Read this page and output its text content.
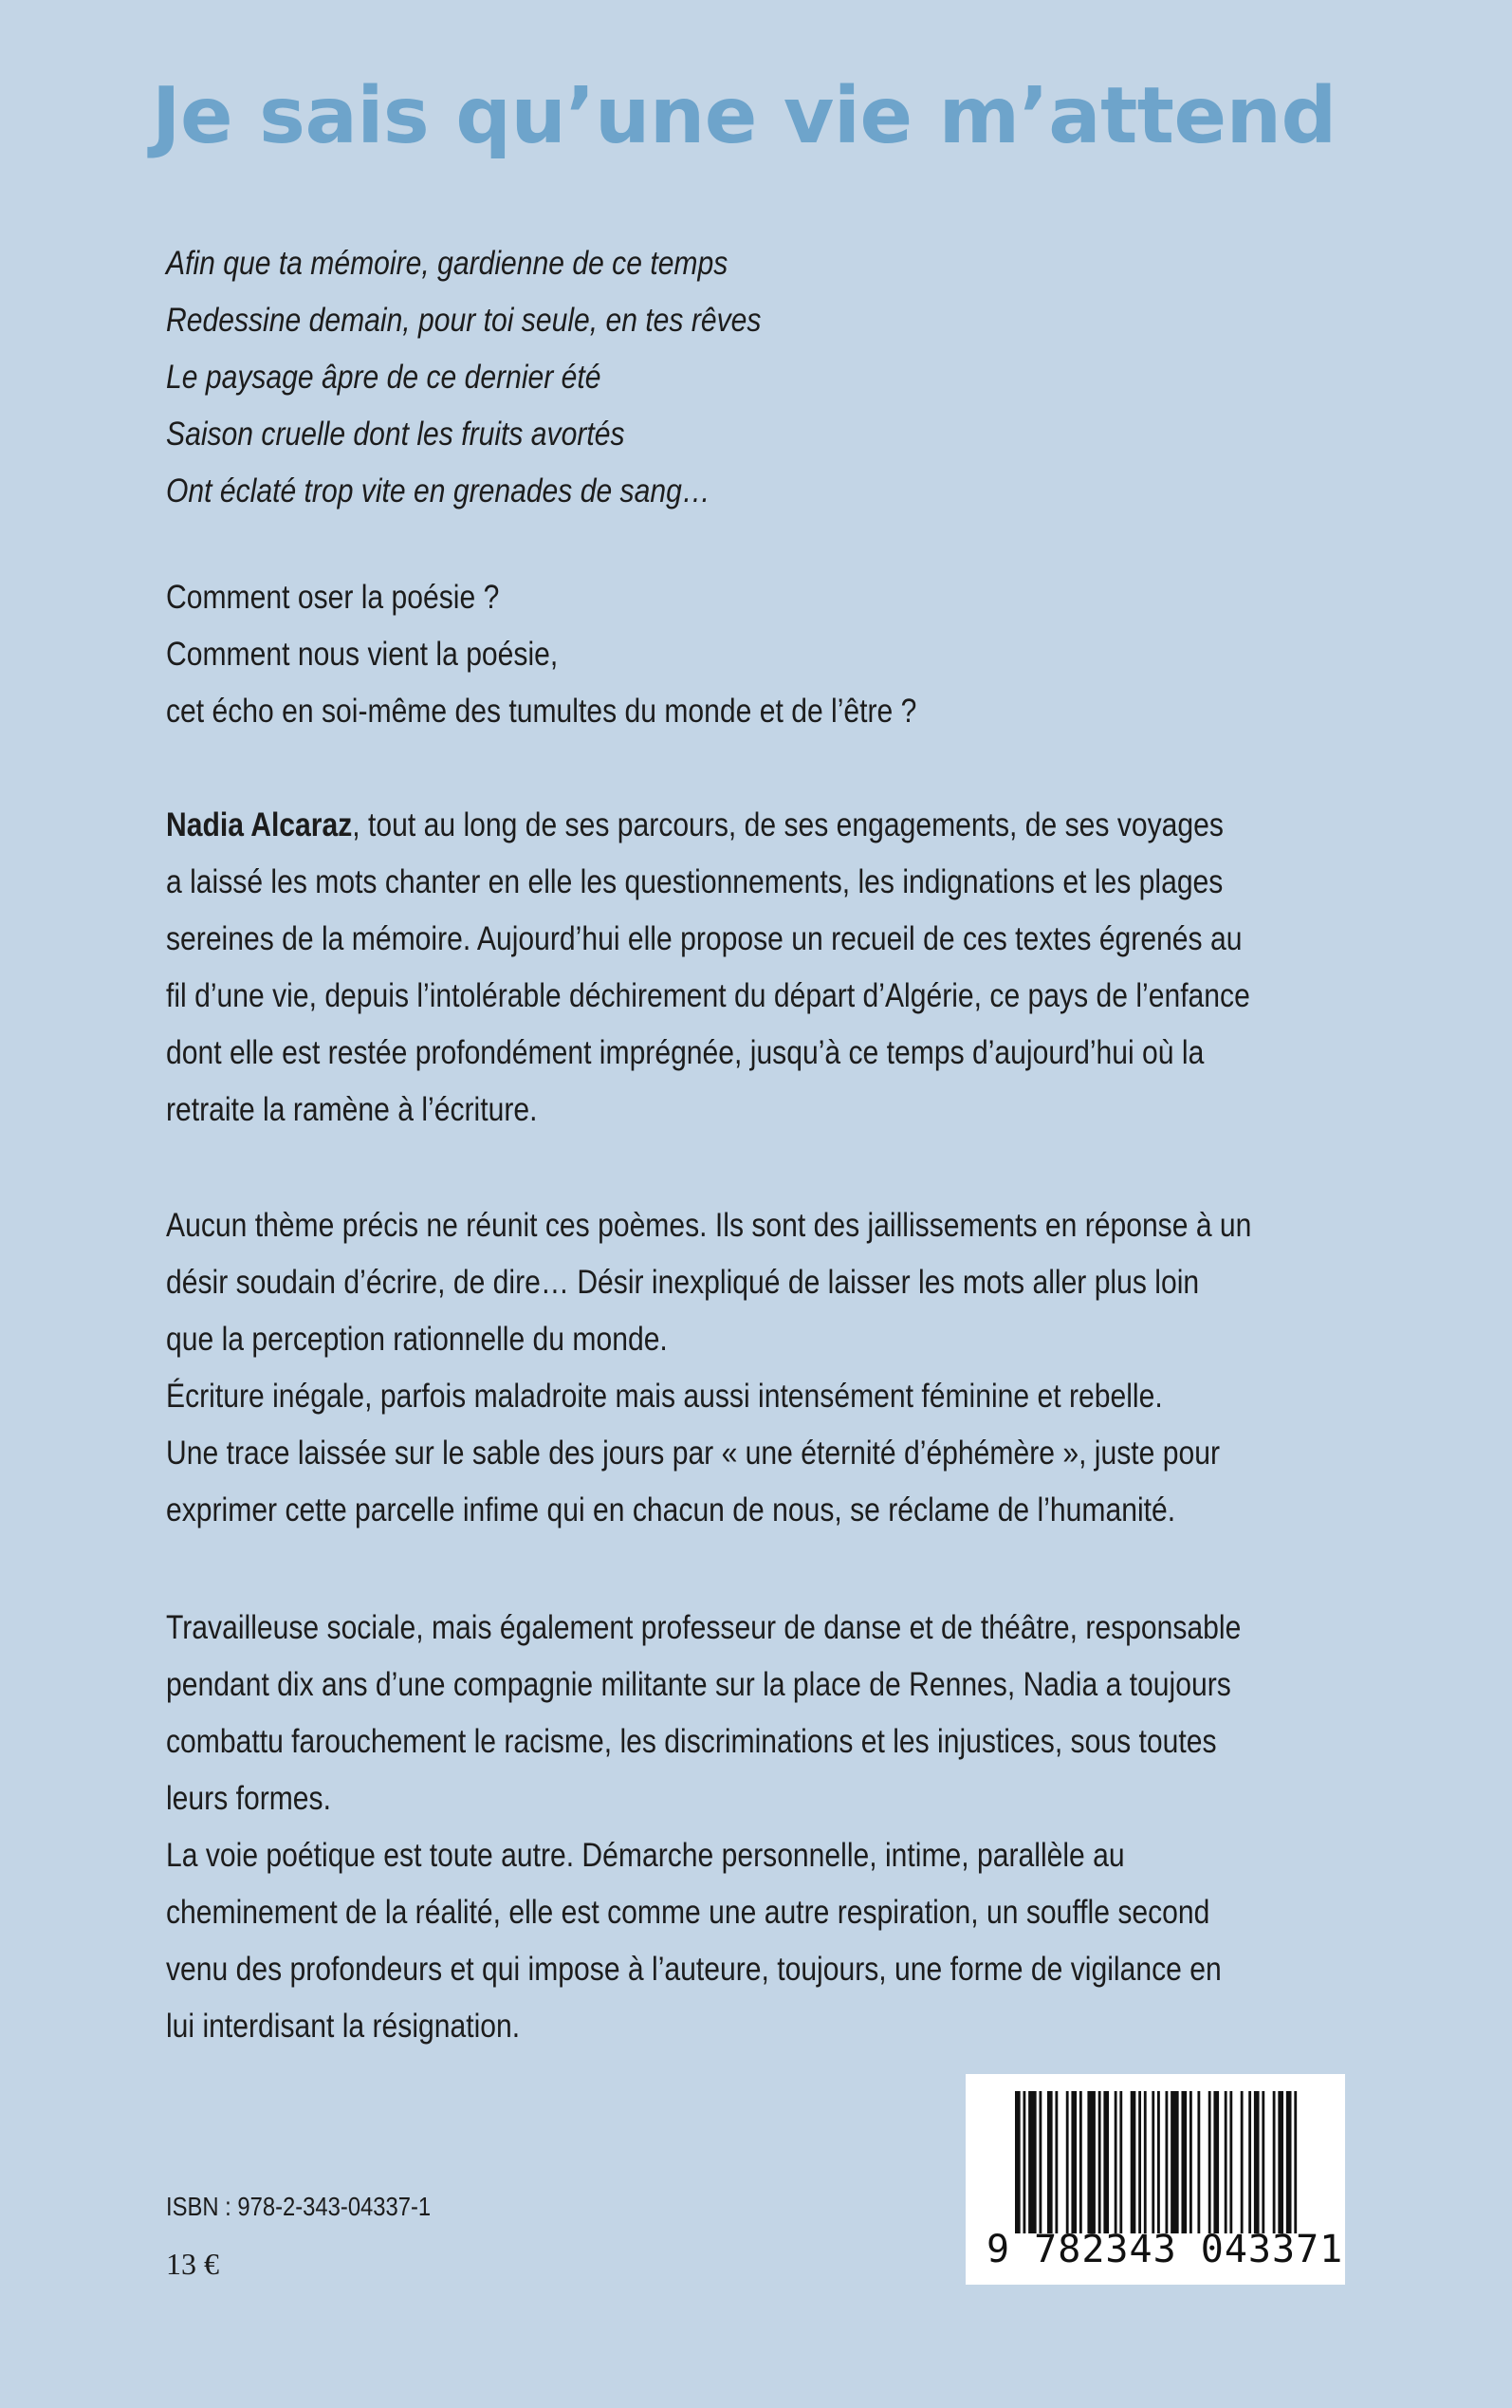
Je sais qu’une vie m’attend
Afin que ta mémoire, gardienne de ce temps
Redessine demain, pour toi seule, en tes rêves
Le paysage âpre de ce dernier été
Saison cruelle dont les fruits avortés
Ont éclaté trop vite en grenades de sang…
Comment oser la poésie ?
Comment nous vient la poésie,
cet écho en soi-même des tumultes du monde et de l’être ?
Nadia Alcaraz, tout au long de ses parcours, de ses engagements, de ses voyages
a laissé les mots chanter en elle les questionnements, les indignations et les plages
sereines de la mémoire. Aujourd’hui elle propose un recueil de ces textes égrenés au
fil d’une vie, depuis l’intolérable déchirement du départ d’Algérie, ce pays de l’enfance
dont elle est restée profondément imprégnée, jusqu’à ce temps d’aujourd’hui où la
retraite la ramène à l’écriture.
Aucun thème précis ne réunit ces poèmes. Ils sont des jaillissements en réponse à un
désir soudain d’écrire, de dire… Désir inexpliqué de laisser les mots aller plus loin
que la perception rationnelle du monde.
Écriture inégale, parfois maladroite mais aussi intensément féminine et rebelle.
Une trace laissée sur le sable des jours par « une éternité d’éphémère », juste pour
exprimer cette parcelle infime qui en chacun de nous, se réclame de l’humanité.
Travailleuse sociale, mais également professeur de danse et de théâtre, responsable
pendant dix ans d’une compagnie militante sur la place de Rennes, Nadia a toujours
combattu farouchement le racisme, les discriminations et les injustices, sous toutes
leurs formes.
La voie poétique est toute autre. Démarche personnelle, intime, parallèle au
cheminement de la réalité, elle est comme une autre respiration, un souffle second
venu des profondeurs et qui impose à l’auteure, toujours, une forme de vigilance en
lui interdisant la résignation.
ISBN : 978-2-343-04337-1
13 €	9 782343 043371
